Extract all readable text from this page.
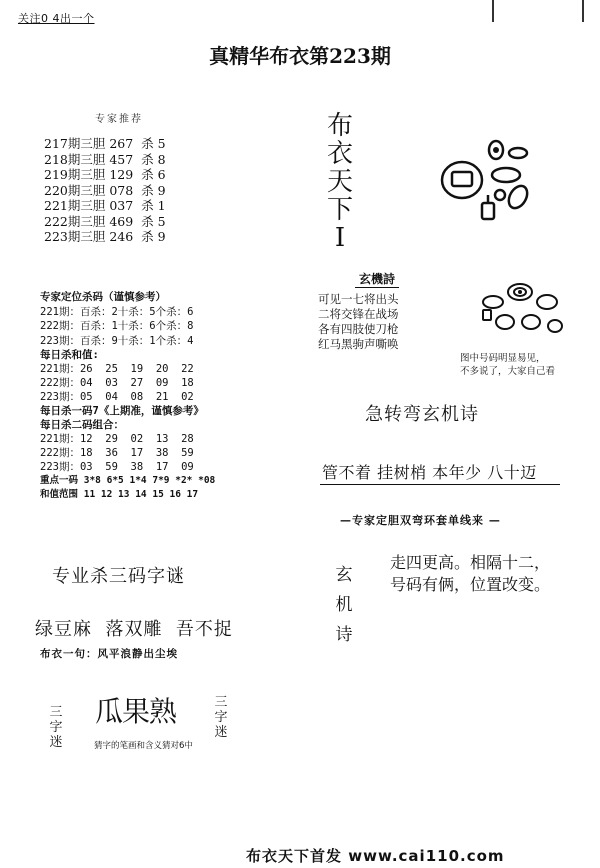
关注0 4出一个
真精华布衣第223期
专家推荐
217期三胆 267  杀 5
218期三胆 457  杀 8
219期三胆 129  杀 6
220期三胆 078  杀 9
221期三胆 037  杀 1
222期三胆 469  杀 5
223期三胆 246  杀 9
专家定位杀码（谨慎参考）
221期：百杀：2十杀：5个杀：6
222期：百杀：1十杀：6个杀：8
223期：百杀：9十杀：1个杀：4
每日杀和值:
221期：26  25  19  20  22
222期：04  03  27  09  18
223期：05  04  08  21  02
每日杀一码7《上期准，谨慎参考》
每日杀二码组合：
221期：12  29  02  13  28
222期：18  36  17  38  59
223期：03  59  38  17  09
重点一码 3*8 6*5 1*4 7*9 *2* *08
和值范围 11 12 13 14 15 16 17
布
衣
天
下
I
玄機詩
可见一七将出头
二将交锋在战场
各有四肢使刀枪
红马黑驹声嘶唤
图中号码明显易见，
不多说了，大家自己看
急转弯玄机诗
管不着 挂树梢 本年少 八十迈
—专家定胆双弯环套单线来 —
玄
机
诗
走四更高。相隔十二，
号码有俩，位置改变。
专业杀三码字谜
绿豆麻  落双雕  吾不捉
布衣一句：风平浪静出尘埃
三
字
迷
瓜果熟
猜字的笔画和含义猜对6中
三
字
迷
布衣天下首发 www.cai110.com
